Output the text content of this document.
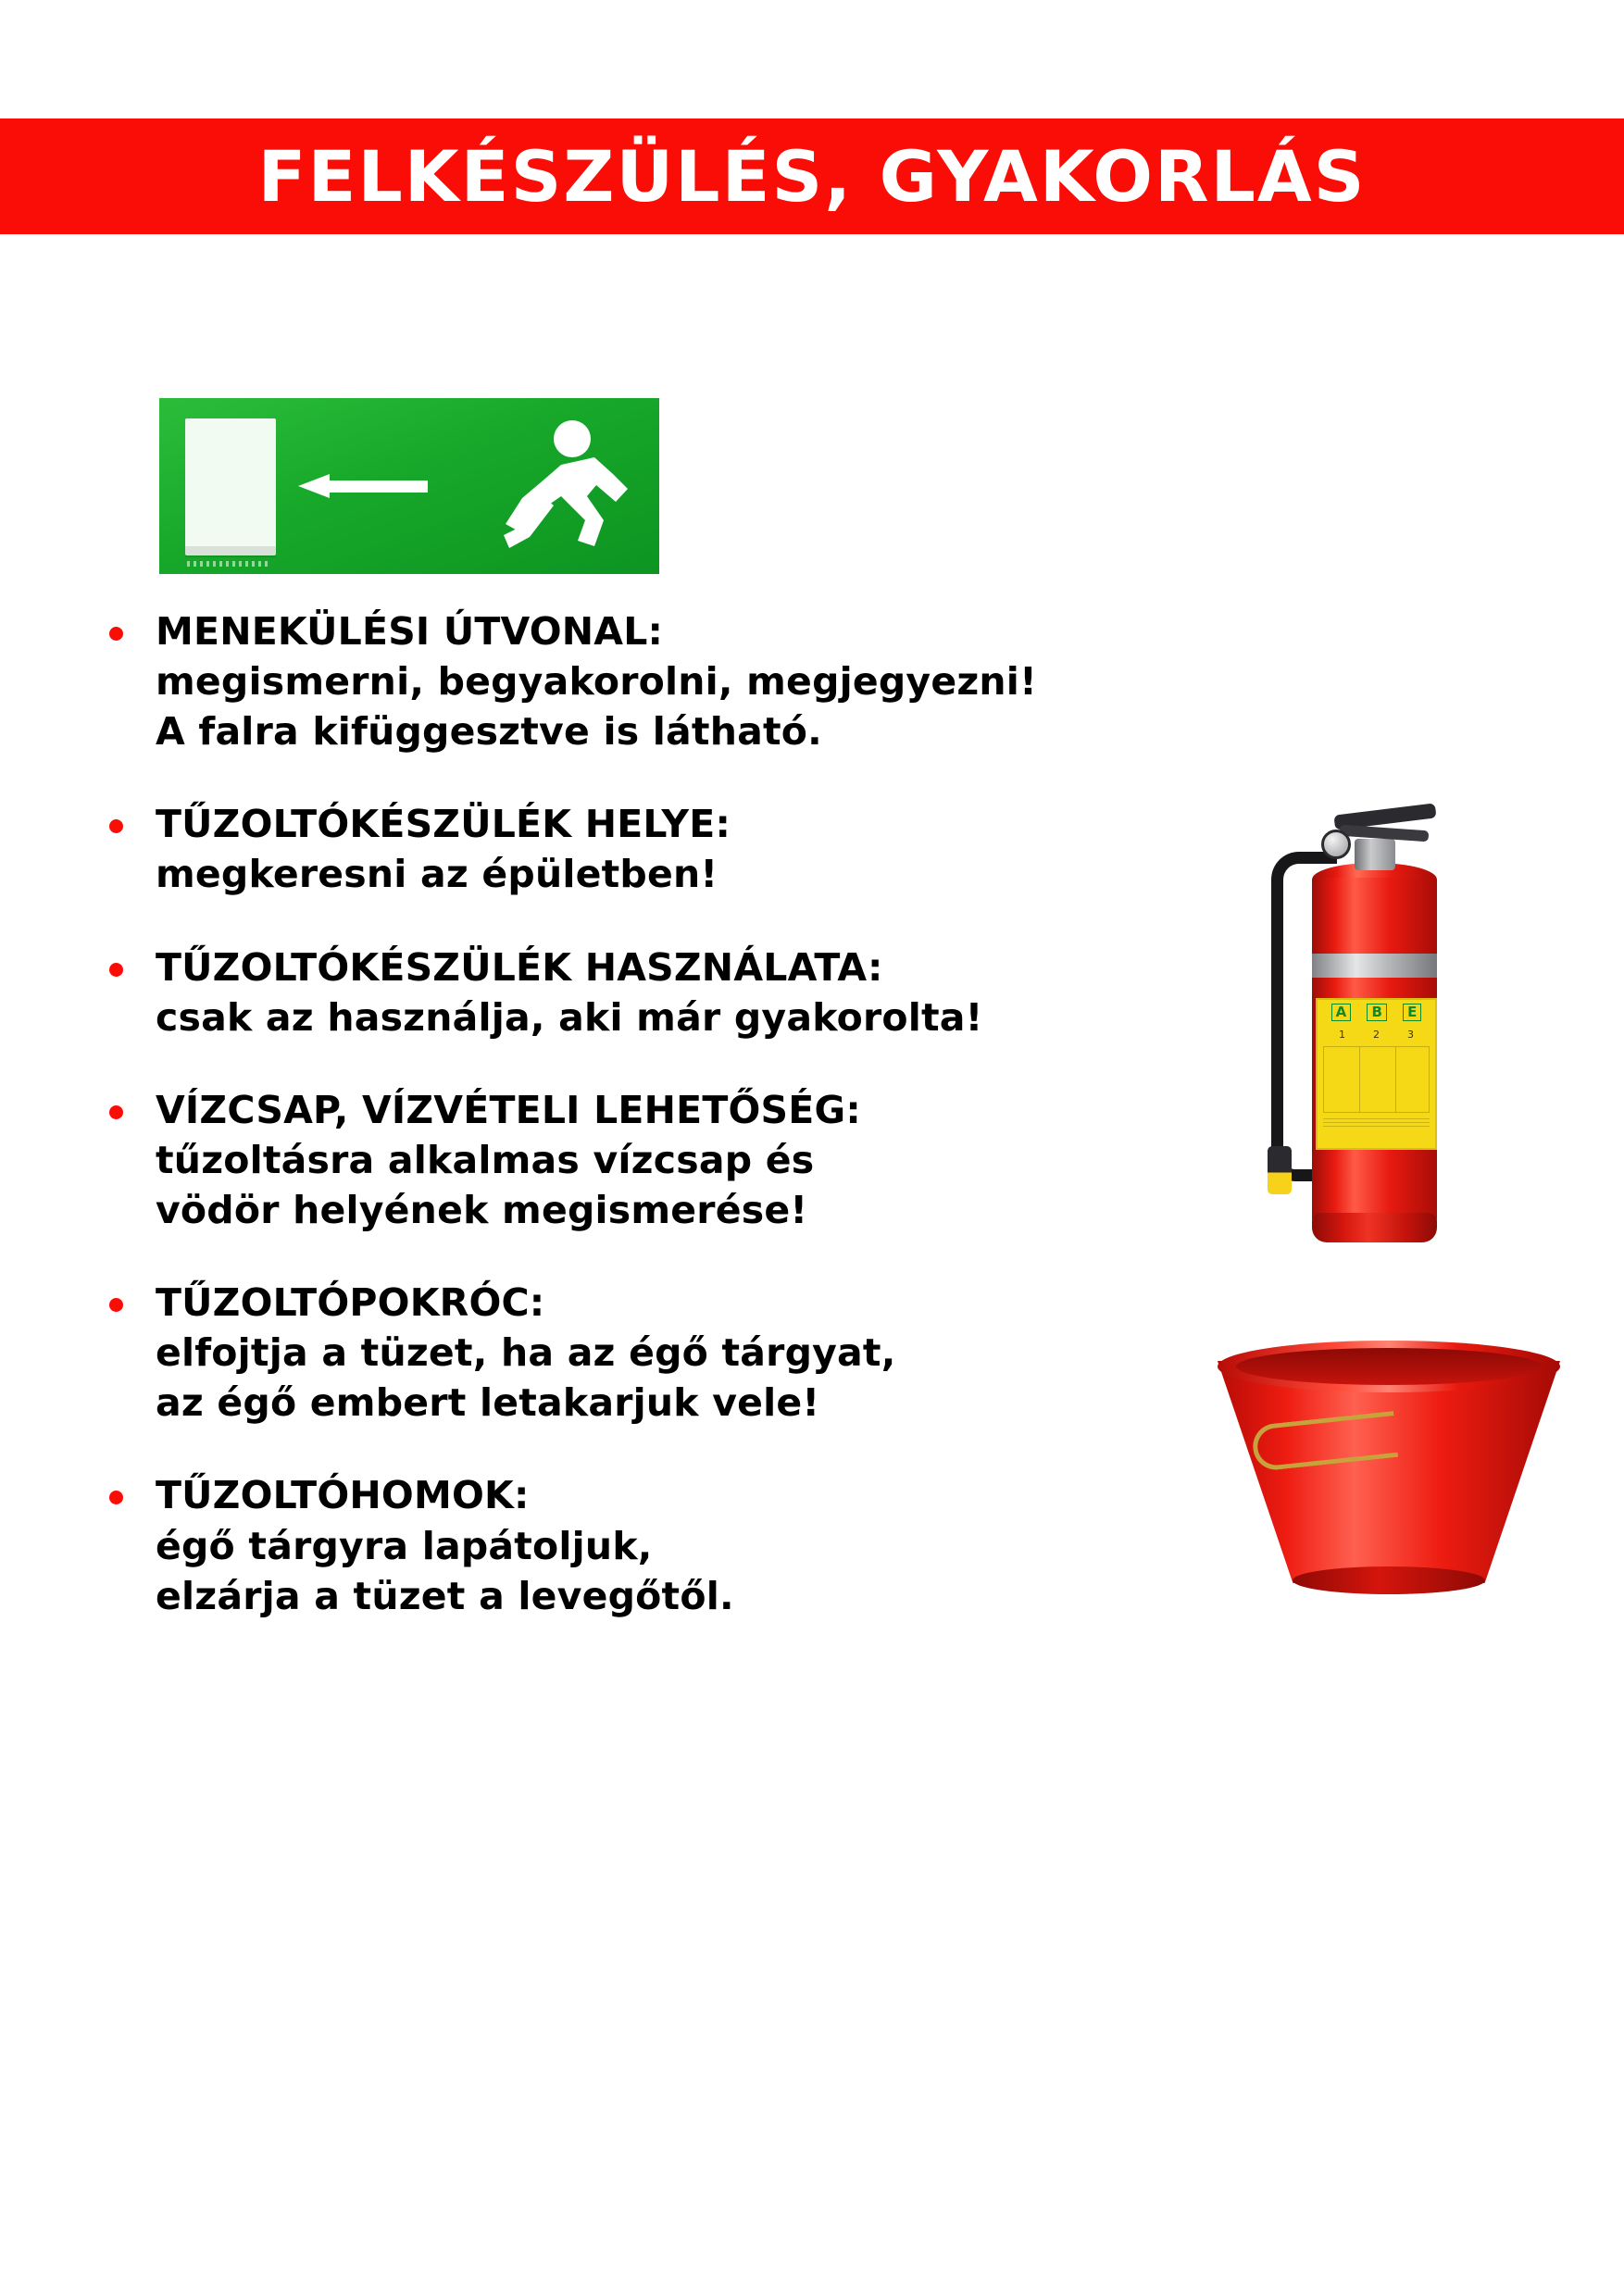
FELKÉSZÜLÉS, GYAKORLÁS
A	B	E
1	2	3
MENEKÜLÉSI ÚTVONAL:
megismerni, begyakorolni, megjegyezni!
A falra kifüggesztve is látható.
TŰZOLTÓKÉSZÜLÉK HELYE:
megkeresni az épületben!
TŰZOLTÓKÉSZÜLÉK HASZNÁLATA:
csak az használja, aki már gyakorolta!
VÍZCSAP, VÍZVÉTELI LEHETŐSÉG:
tűzoltásra alkalmas vízcsap és
vödör helyének megismerése!
TŰZOLTÓPOKRÓC:
elfojtja a tüzet, ha az égő tárgyat,
az égő embert letakarjuk vele!
TŰZOLTÓHOMOK:
égő tárgyra lapátoljuk,
elzárja a tüzet a levegőtől.
